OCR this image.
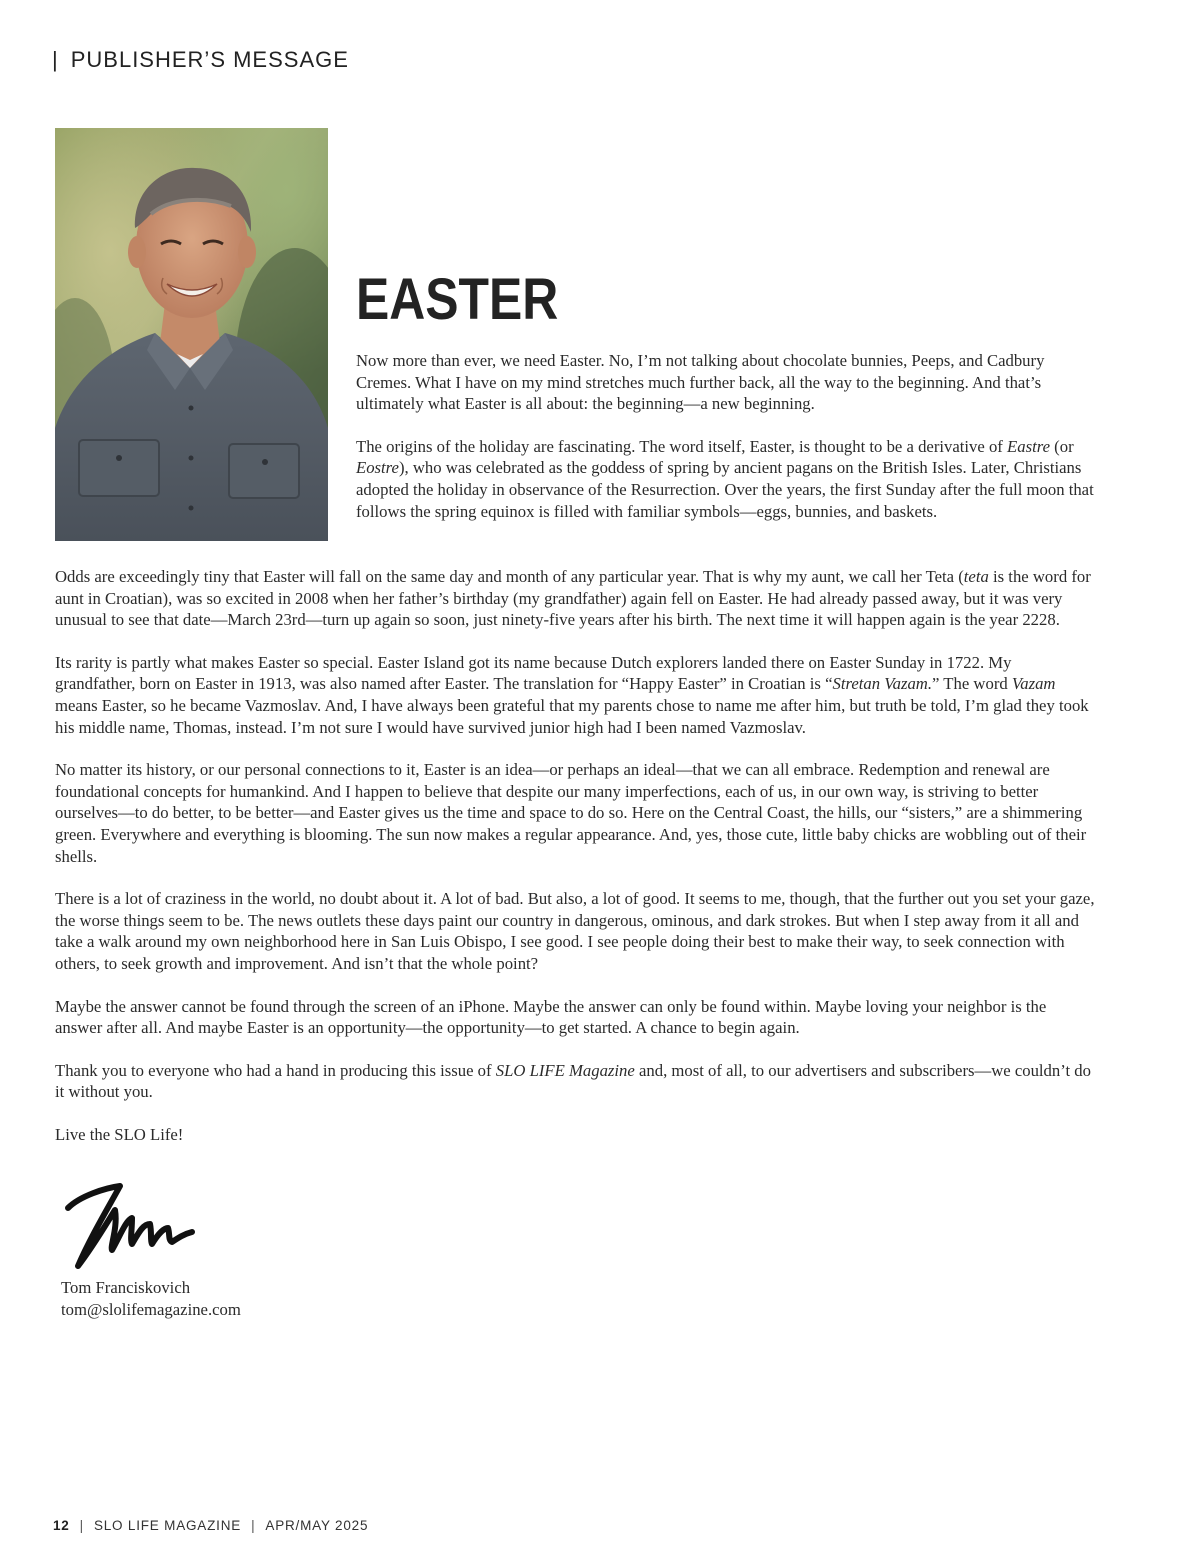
| PUBLISHER’S MESSAGE
EASTER

Now more than ever, we need Easter. No, I’m not talking about chocolate bunnies, Peeps, and Cadbury Cremes. What I have on my mind stretches much further back, all the way to the beginning. And that’s ultimately what Easter is all about: the beginning—a new beginning.

The origins of the holiday are fascinating. The word itself, Easter, is thought to be a derivative of Eastre (or Eostre), who was celebrated as the goddess of spring by ancient pagans on the British Isles. Later, Christians adopted the holiday in observance of the Resurrection. Over the years, the first Sunday after the full moon that follows the spring equinox is filled with familiar symbols—eggs, bunnies, and baskets.

Odds are exceedingly tiny that Easter will fall on the same day and month of any particular year. That is why my aunt, we call her Teta (teta is the word for aunt in Croatian), was so excited in 2008 when her father’s birthday (my grandfather) again fell on Easter. He had already passed away, but it was very unusual to see that date—March 23rd—turn up again so soon, just ninety-five years after his birth. The next time it will happen again is the year 2228.

Its rarity is partly what makes Easter so special. Easter Island got its name because Dutch explorers landed there on Easter Sunday in 1722. My grandfather, born on Easter in 1913, was also named after Easter. The translation for “Happy Easter” in Croatian is “Stretan Vazam.” The word Vazam means Easter, so he became Vazmoslav. And, I have always been grateful that my parents chose to name me after him, but truth be told, I’m glad they took his middle name, Thomas, instead. I’m not sure I would have survived junior high had I been named Vazmoslav.

No matter its history, or our personal connections to it, Easter is an idea—or perhaps an ideal—that we can all embrace. Redemption and renewal are foundational concepts for humankind. And I happen to believe that despite our many imperfections, each of us, in our own way, is striving to better ourselves—to do better, to be better—and Easter gives us the time and space to do so. Here on the Central Coast, the hills, our “sisters,” are a shimmering green. Everywhere and everything is blooming. The sun now makes a regular appearance. And, yes, those cute, little baby chicks are wobbling out of their shells.

There is a lot of craziness in the world, no doubt about it. A lot of bad. But also, a lot of good. It seems to me, though, that the further out you set your gaze, the worse things seem to be. The news outlets these days paint our country in dangerous, ominous, and dark strokes. But when I step away from it all and take a walk around my own neighborhood here in San Luis Obispo, I see good. I see people doing their best to make their way, to seek connection with others, to seek growth and improvement. And isn’t that the whole point?

Maybe the answer cannot be found through the screen of an iPhone. Maybe the answer can only be found within. Maybe loving your neighbor is the answer after all. And maybe Easter is an opportunity—the opportunity—to get started. A chance to begin again.

Thank you to everyone who had a hand in producing this issue of SLO LIFE Magazine and, most of all, to our advertisers and subscribers—we couldn’t do it without you.

Live the SLO Life!

Tom Franciskovich
tom@slolifemagazine.com
12 | SLO LIFE MAGAZINE | APR/MAY 2025
